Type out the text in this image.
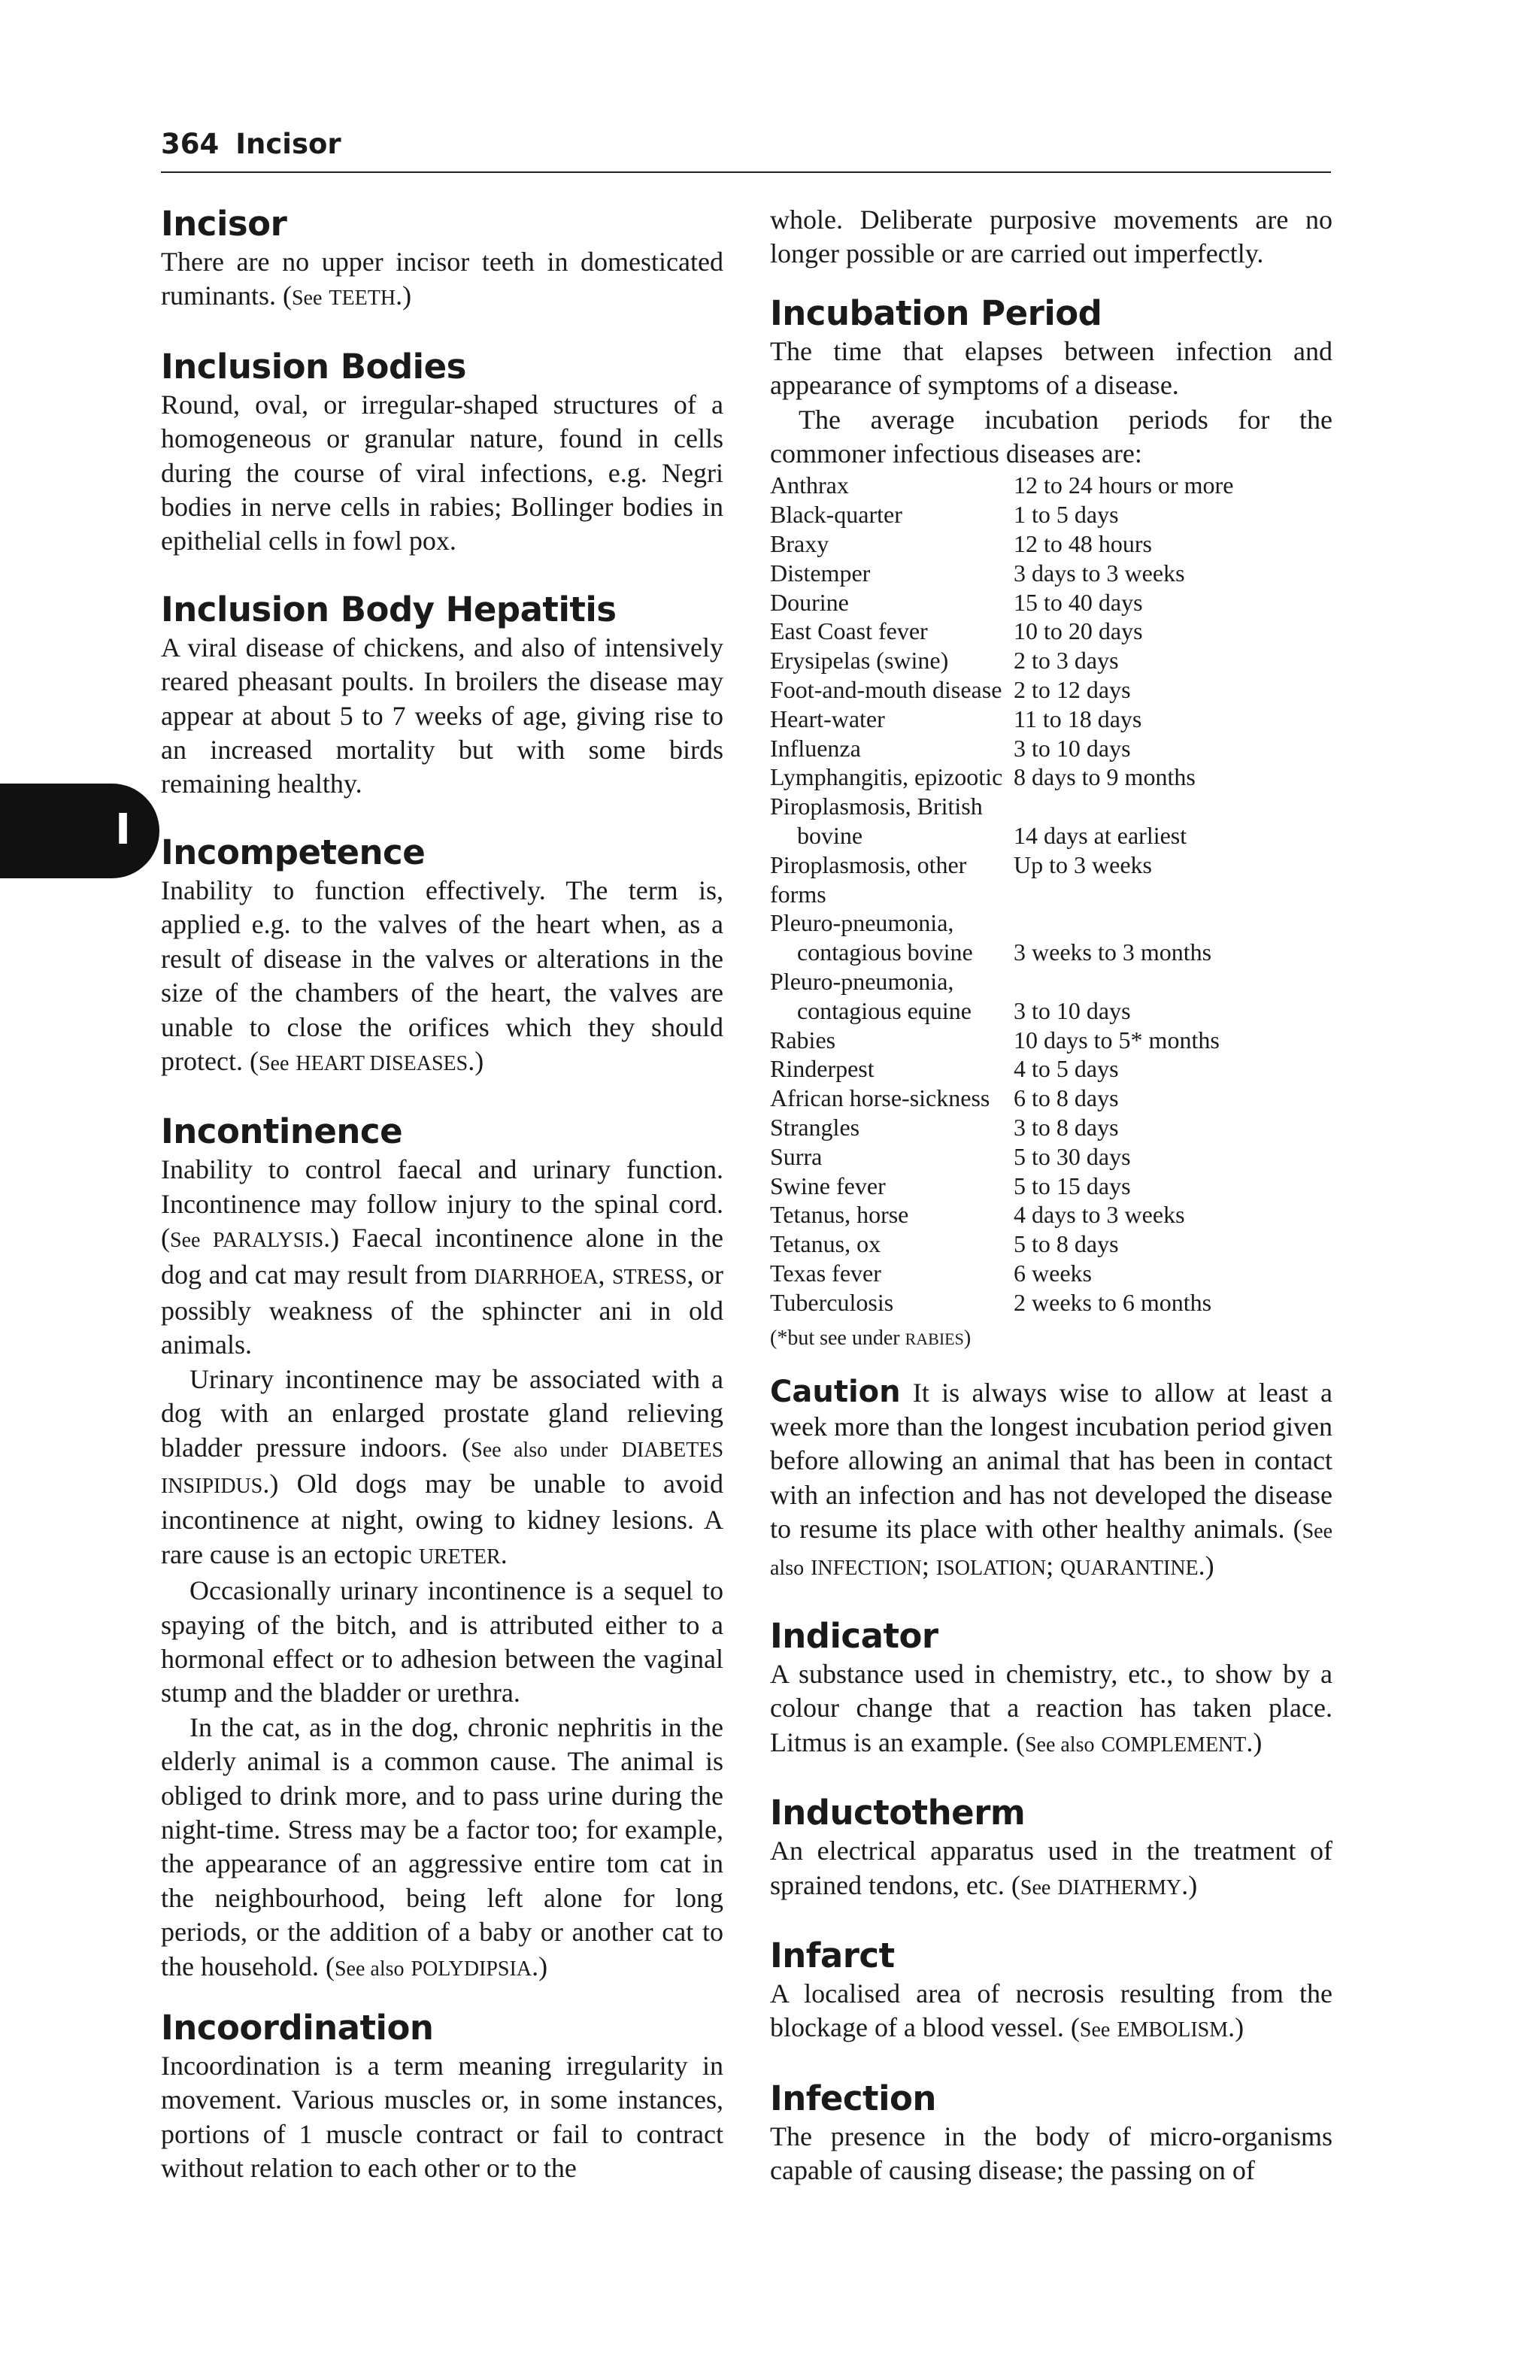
364 Incisor
I
Incisor

There are no upper incisor teeth in domesticated ruminants. (See TEETH.)

Inclusion Bodies

Round, oval, or irregular-shaped structures of a homogeneous or granular nature, found in cells during the course of viral infections, e.g. Negri bodies in nerve cells in rabies; Bollinger bodies in epithelial cells in fowl pox.

Inclusion Body Hepatitis

A viral disease of chickens, and also of intensively reared pheasant poults. In broilers the disease may appear at about 5 to 7 weeks of age, giving rise to an increased mortality but with some birds remaining healthy.

Incompetence

Inability to function effectively. The term is, applied e.g. to the valves of the heart when, as a result of disease in the valves or alterations in the size of the chambers of the heart, the valves are unable to close the orifices which they should protect. (See HEART DISEASES.)

Incontinence

Inability to control faecal and urinary function. Incontinence may follow injury to the spinal cord. (See PARALYSIS.) Faecal incontinence alone in the dog and cat may result from DIARRHOEA, STRESS, or possibly weakness of the sphincter ani in old animals.

Urinary incontinence may be associated with a dog with an enlarged prostate gland relieving bladder pressure indoors. (See also under DIABETES INSIPIDUS.) Old dogs may be unable to avoid incontinence at night, owing to kidney lesions. A rare cause is an ectopic URETER.

Occasionally urinary incontinence is a sequel to spaying of the bitch, and is attributed either to a hormonal effect or to adhesion between the vaginal stump and the bladder or urethra.

In the cat, as in the dog, chronic nephritis in the elderly animal is a common cause. The animal is obliged to drink more, and to pass urine during the night-time. Stress may be a factor too; for example, the appearance of an aggressive entire tom cat in the neighbourhood, being left alone for long periods, or the addition of a baby or another cat to the household. (See also POLYDIPSIA.)

Incoordination

Incoordination is a term meaning irregularity in movement. Various muscles or, in some instances, portions of 1 muscle contract or fail to contract without relation to each other or to the

whole. Deliberate purposive movements are no longer possible or are carried out imperfectly.

Incubation Period

The time that elapses between infection and appearance of symptoms of a disease.

The average incubation periods for the commoner infectious diseases are:

Anthrax	12 to 24 hours or more
Black-quarter	1 to 5 days
Braxy	12 to 48 hours
Distemper	3 days to 3 weeks
Dourine	15 to 40 days
East Coast fever	10 to 20 days
Erysipelas (swine)	2 to 3 days
Foot-and-mouth disease	2 to 12 days
Heart-water	11 to 18 days
Influenza	3 to 10 days
Lymphangitis, epizootic	8 days to 9 months
Piroplasmosis, British	
bovine	14 days at earliest
Piroplasmosis, other forms	Up to 3 weeks
Pleuro-pneumonia,	
contagious bovine	3 weeks to 3 months
Pleuro-pneumonia,	
contagious equine	3 to 10 days
Rabies	10 days to 5* months
Rinderpest	4 to 5 days
African horse-sickness	6 to 8 days
Strangles	3 to 8 days
Surra	5 to 30 days
Swine fever	5 to 15 days
Tetanus, horse	4 days to 3 weeks
Tetanus, ox	5 to 8 days
Texas fever	6 weeks
Tuberculosis	2 weeks to 6 months
(*but see under RABIES)

Caution It is always wise to allow at least a week more than the longest incubation period given before allowing an animal that has been in contact with an infection and has not developed the disease to resume its place with other healthy animals. (See also INFECTION; ISOLATION; QUARANTINE.)

Indicator

A substance used in chemistry, etc., to show by a colour change that a reaction has taken place. Litmus is an example. (See also COMPLEMENT.)

Inductotherm

An electrical apparatus used in the treatment of sprained tendons, etc. (See DIATHERMY.)

Infarct

A localised area of necrosis resulting from the blockage of a blood vessel. (See EMBOLISM.)

Infection

The presence in the body of micro-organisms capable of causing disease; the passing on of
